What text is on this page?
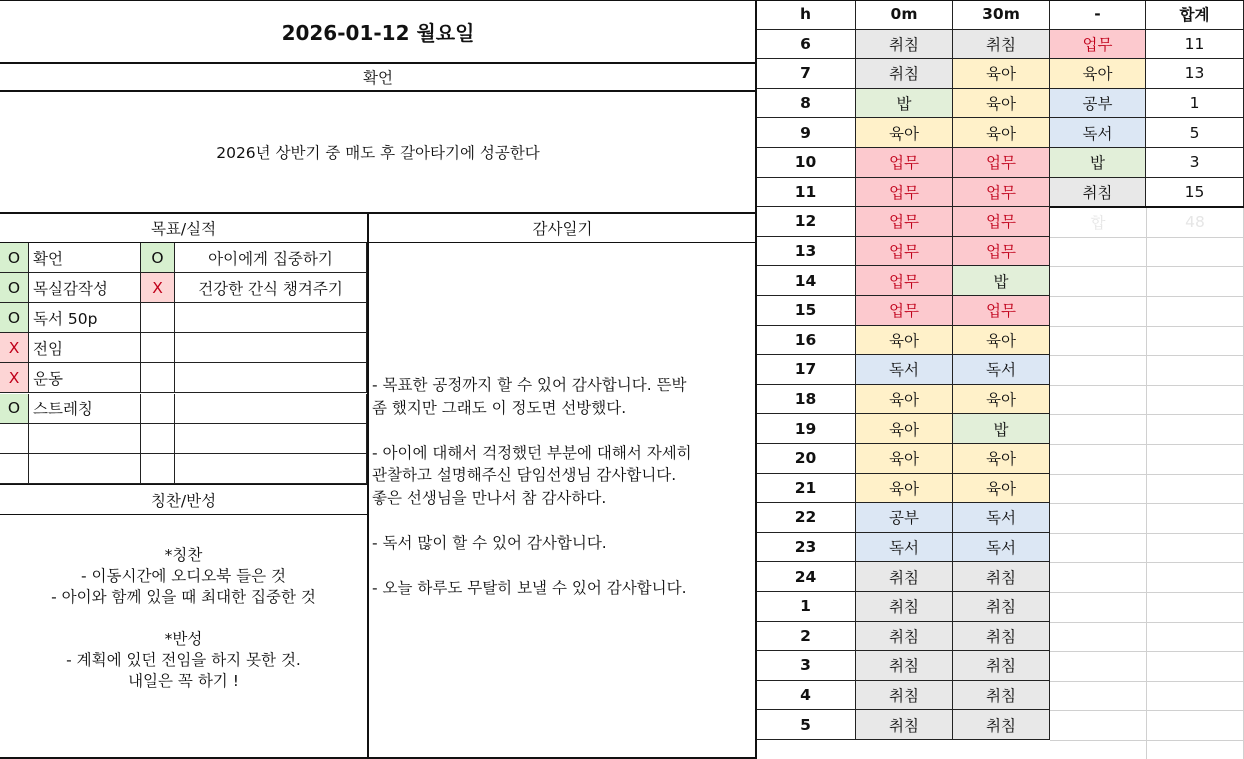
2026-01-12 월요일
확언
2026년 상반기 중 매도 후 갈아타기에 성공한다
목표/실적	감사일기
O 확언	O	아이에게 집중하기
O 목실감작성	X	건강한 간식 챙겨주기
O 독서 50p
X 전임
X 운동
O 스트레칭
칭찬/반성
*칭찬
- 이동시간에 오디오북 들은 것
- 아이와 함께 있을 때 최대한 집중한 것
*반성
- 계획에 있던 전임을 하지 못한 것.
내일은 꼭 하기 !
- 목표한 공정까지 할 수 있어 감사합니다. 뜬박
좀 했지만 그래도 이 정도면 선방했다.
- 아이에 대해서 걱정했던 부분에 대해서 자세히
관찰하고 설명해주신 담임선생님 감사합니다.
좋은 선생님을 만나서 참 감사하다.
- 독서 많이 할 수 있어 감사합니다.
- 오늘 하루도 무탈히 보낼 수 있어 감사합니다.
h	0m	30m	-	합계
6	취침	취침	업무	11
7	취침	육아	육아	13
8	밥	육아	공부	1
9	육아	육아	독서	5
10	업무	업무	밥	3
11	업무	업무	취침	15
12	업무	업무	합	48
13	업무	업무
14	업무	밥
15	업무	업무
16	육아	육아
17	독서	독서
18	육아	육아
19	육아	밥
20	육아	육아
21	육아	육아
22	공부	독서
23	독서	독서
24	취침	취침
1	취침	취침
2	취침	취침
3	취침	취침
4	취침	취침
5	취침	취침
